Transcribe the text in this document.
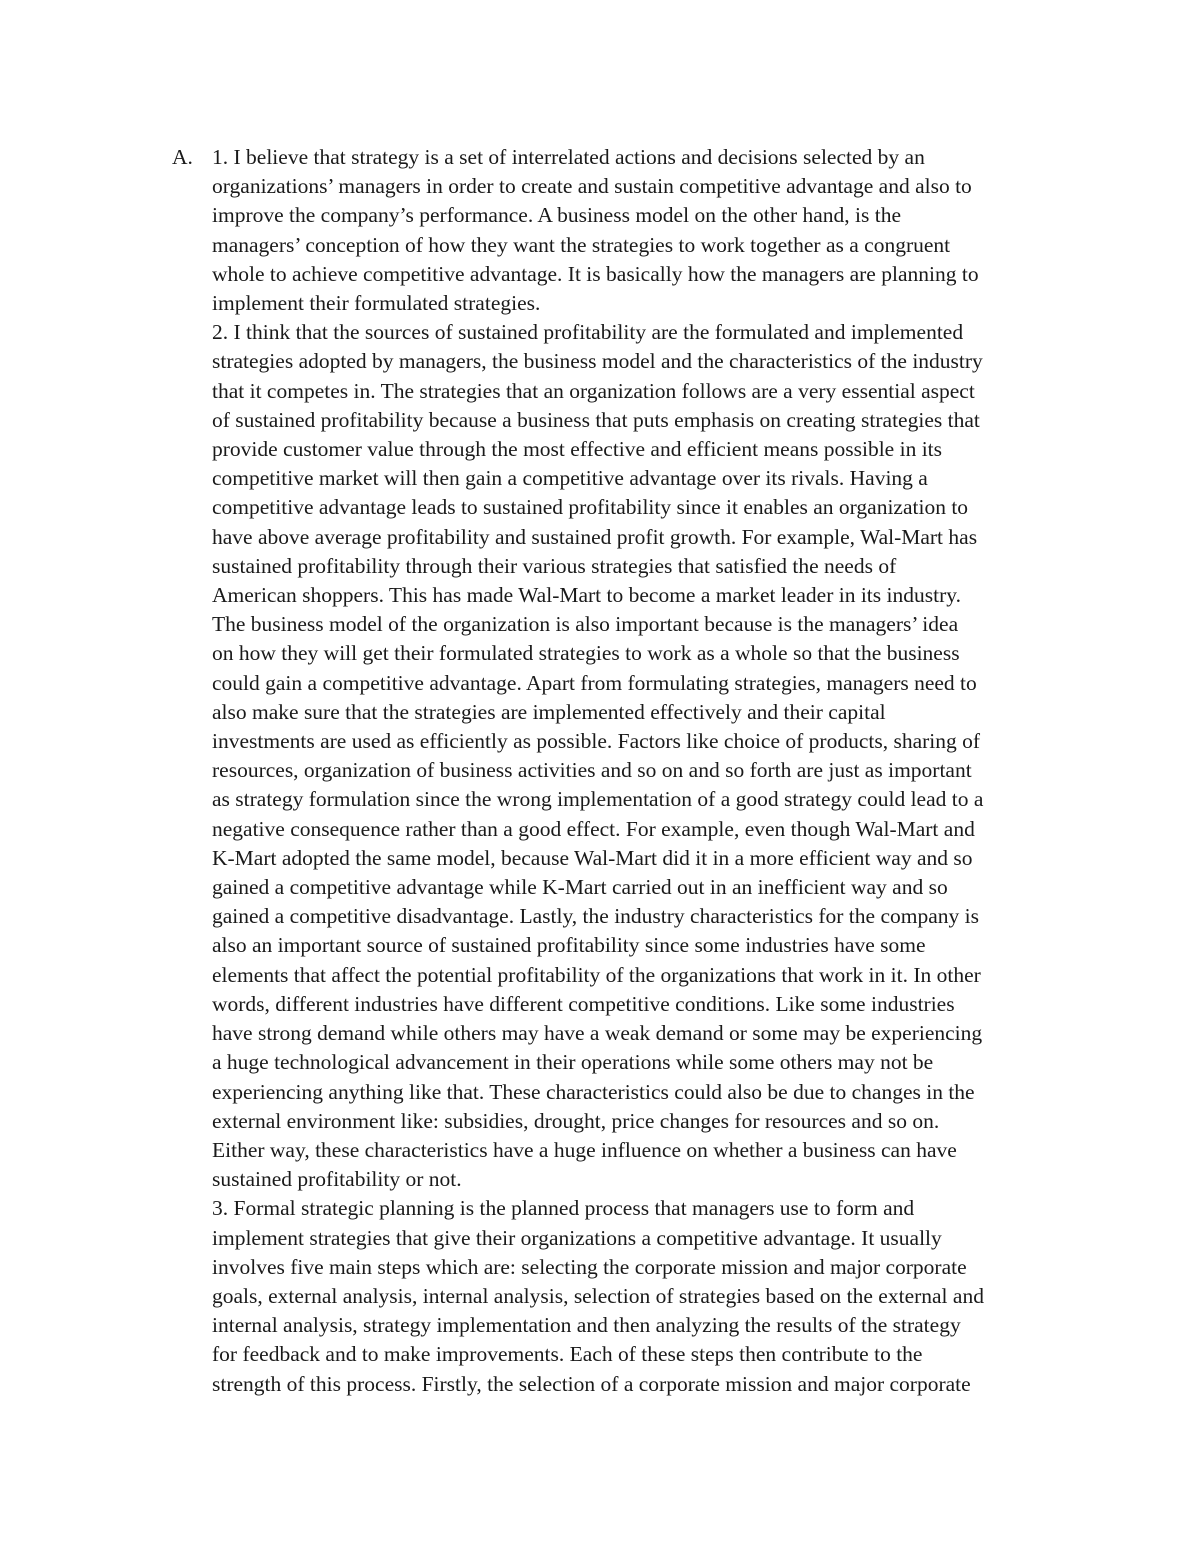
A. 1. I believe that strategy is a set of interrelated actions and decisions selected by an
organizations’ managers in order to create and sustain competitive advantage and also to
improve the company’s performance. A business model on the other hand, is the
managers’ conception of how they want the strategies to work together as a congruent
whole to achieve competitive advantage. It is basically how the managers are planning to
implement their formulated strategies.
2. I think that the sources of sustained profitability are the formulated and implemented
strategies adopted by managers, the business model and the characteristics of the industry
that it competes in. The strategies that an organization follows are a very essential aspect
of sustained profitability because a business that puts emphasis on creating strategies that
provide customer value through the most effective and efficient means possible in its
competitive market will then gain a competitive advantage over its rivals. Having a
competitive advantage leads to sustained profitability since it enables an organization to
have above average profitability and sustained profit growth. For example, Wal-Mart has
sustained profitability through their various strategies that satisfied the needs of
American shoppers. This has made Wal-Mart to become a market leader in its industry.
The business model of the organization is also important because is the managers’ idea
on how they will get their formulated strategies to work as a whole so that the business
could gain a competitive advantage. Apart from formulating strategies, managers need to
also make sure that the strategies are implemented effectively and their capital
investments are used as efficiently as possible. Factors like choice of products, sharing of
resources, organization of business activities and so on and so forth are just as important
as strategy formulation since the wrong implementation of a good strategy could lead to a
negative consequence rather than a good effect. For example, even though Wal-Mart and
K-Mart adopted the same model, because Wal-Mart did it in a more efficient way and so
gained a competitive advantage while K-Mart carried out in an inefficient way and so
gained a competitive disadvantage. Lastly, the industry characteristics for the company is
also an important source of sustained profitability since some industries have some
elements that affect the potential profitability of the organizations that work in it. In other
words, different industries have different competitive conditions. Like some industries
have strong demand while others may have a weak demand or some may be experiencing
a huge technological advancement in their operations while some others may not be
experiencing anything like that. These characteristics could also be due to changes in the
external environment like: subsidies, drought, price changes for resources and so on.
Either way, these characteristics have a huge influence on whether a business can have
sustained profitability or not.
3. Formal strategic planning is the planned process that managers use to form and
implement strategies that give their organizations a competitive advantage. It usually
involves five main steps which are: selecting the corporate mission and major corporate
goals, external analysis, internal analysis, selection of strategies based on the external and
internal analysis, strategy implementation and then analyzing the results of the strategy
for feedback and to make improvements. Each of these steps then contribute to the
strength of this process. Firstly, the selection of a corporate mission and major corporate
